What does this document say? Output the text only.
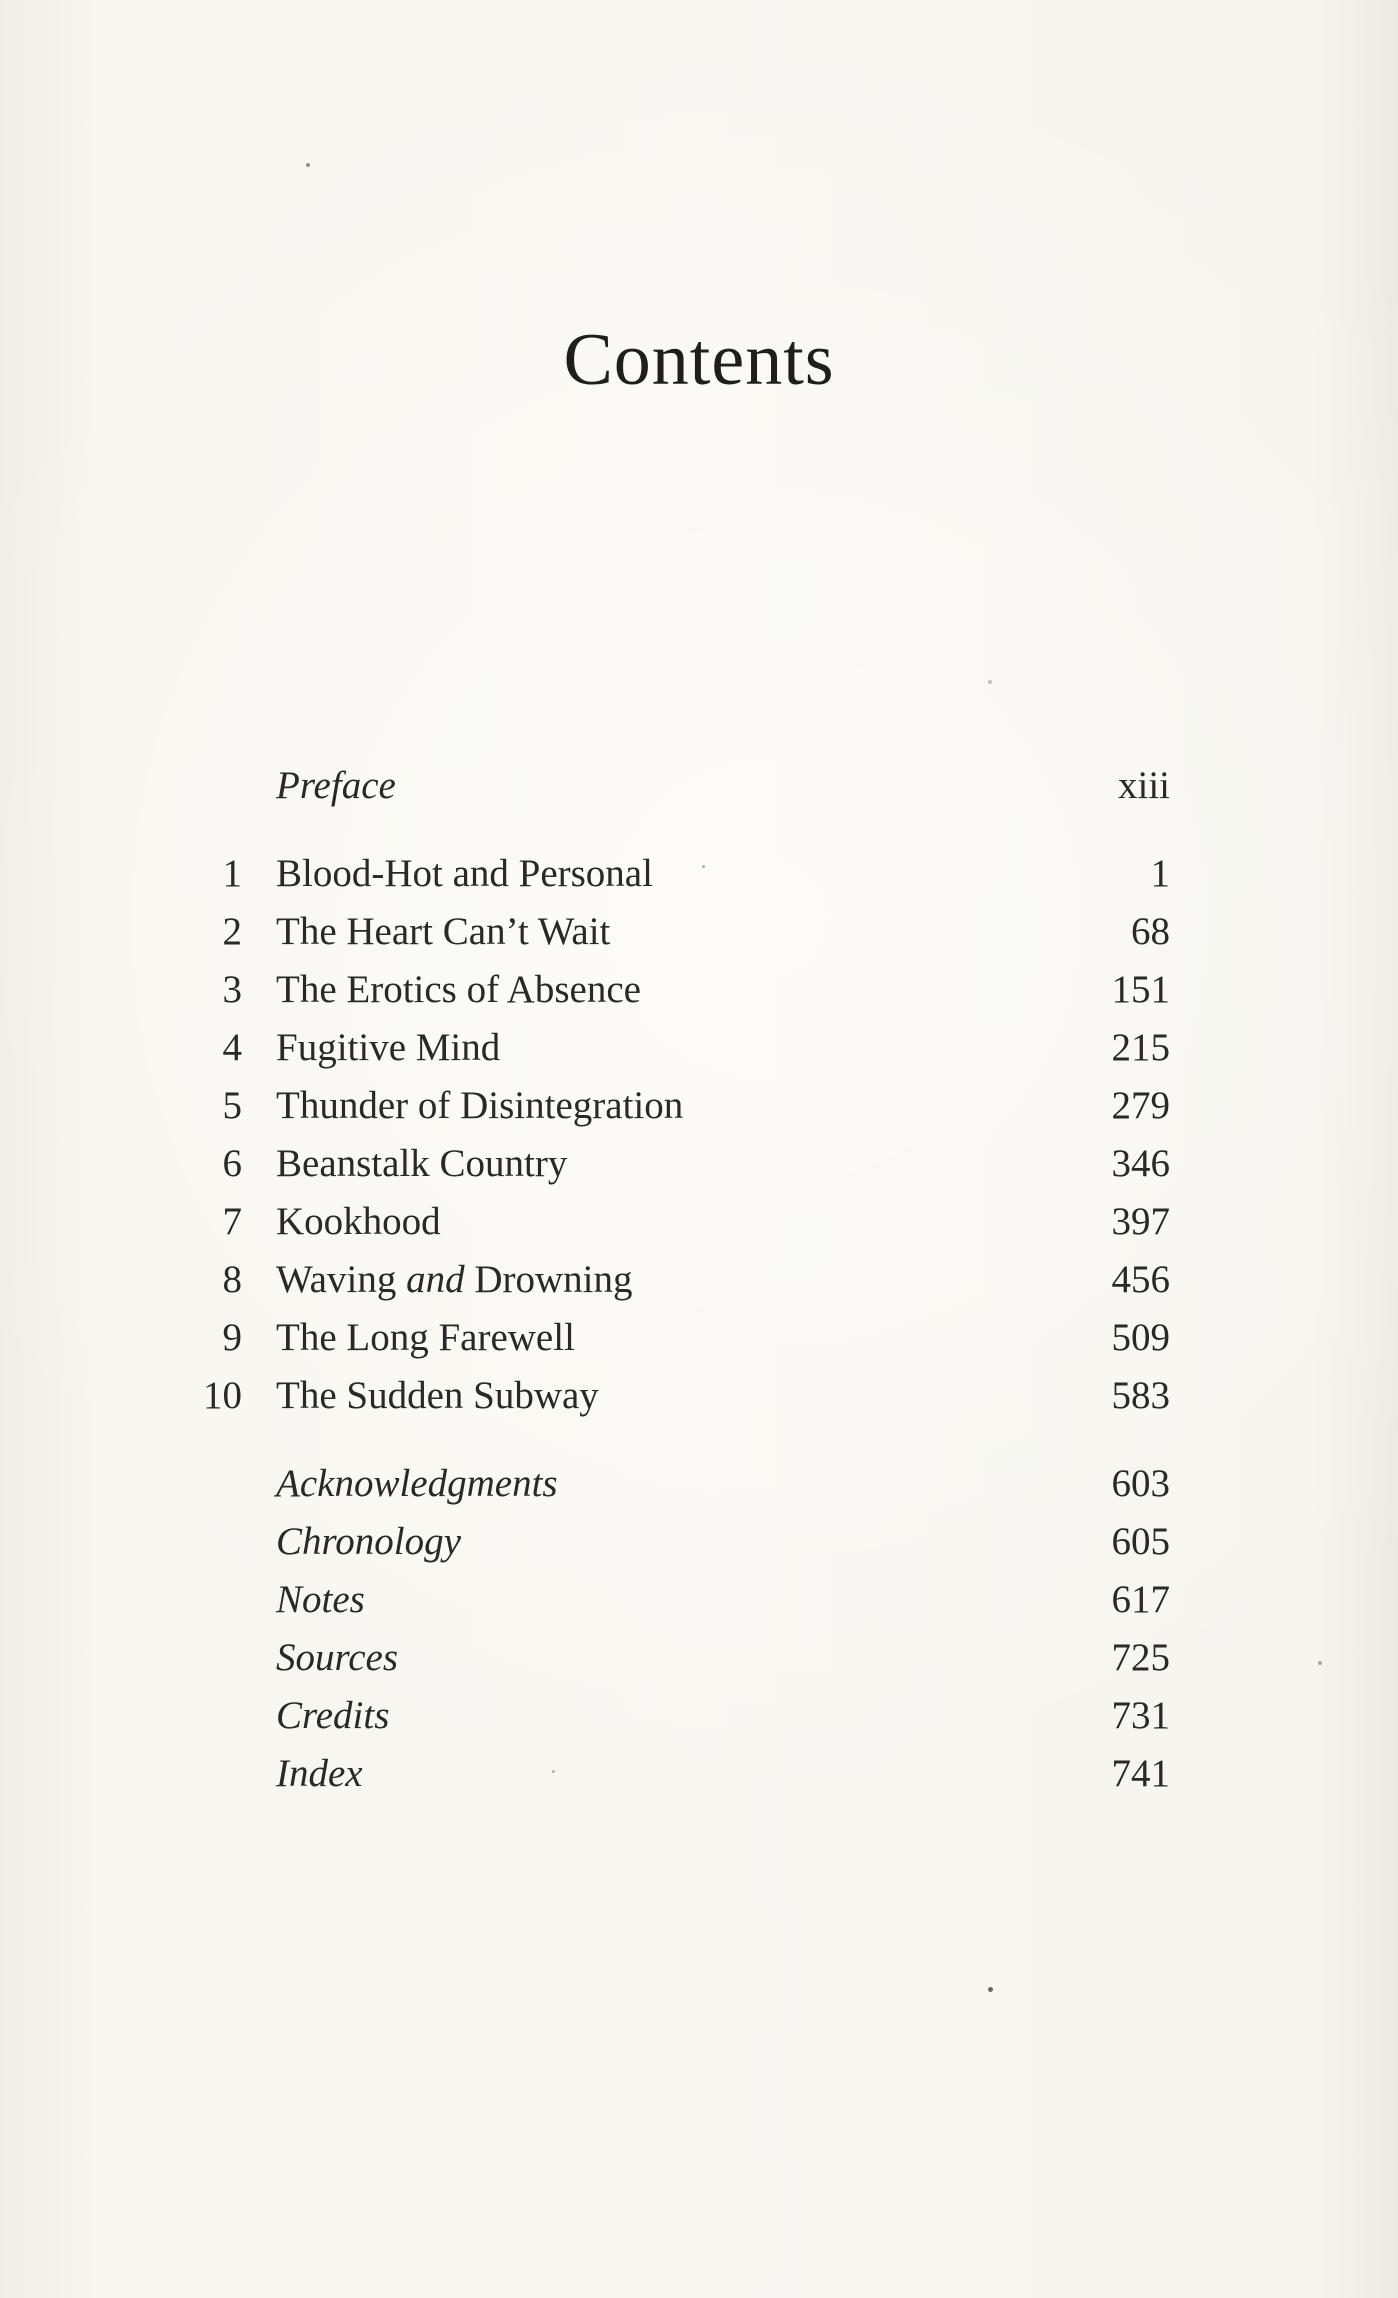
Contents
Preface	xiii
1 Blood-Hot and Personal	1
2 The Heart Can’t Wait	68
3 The Erotics of Absence	151
4 Fugitive Mind	215
5 Thunder of Disintegration	279
6 Beanstalk Country	346
7 Kookhood	397
8 Waving and Drowning	456
9 The Long Farewell	509
10 The Sudden Subway	583
Acknowledgments	603
Chronology	605
Notes	617
Sources	725
Credits	731
Index	741
